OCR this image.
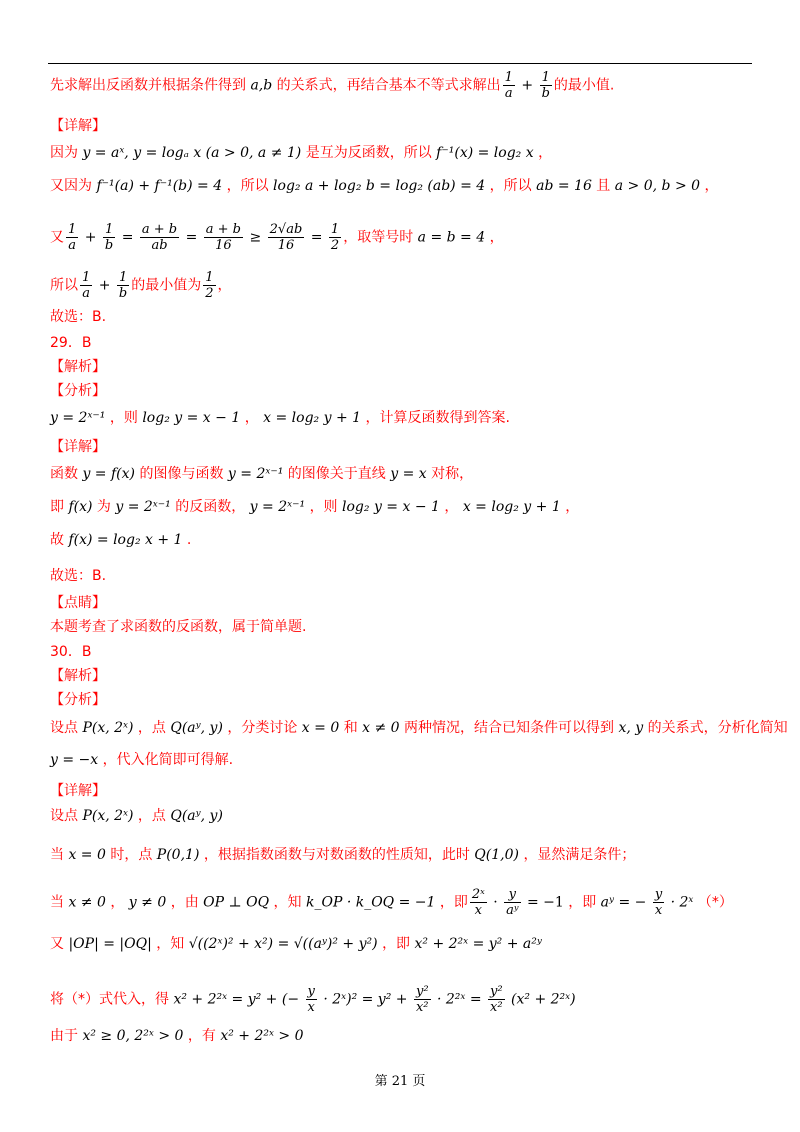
先求解出反函数并根据条件得到 a,b 的关系式，再结合基本不等式求解出 $\frac{1}{a} + \frac{1}{b}$ 的最小值.
【详解】
因为 y = aˣ, y = logₐ x (a > 0, a ≠ 1) 是互为反函数，所以 f⁻¹(x) = log₂ x ，
又因为 f⁻¹(a) + f⁻¹(b) = 4 ，所以 log₂ a + log₂ b = log₂ (ab) = 4 ，所以 ab = 16 且 a > 0, b > 0 ，
又 $\frac{1}{a} + \frac{1}{b} = \frac{a + b}{ab} = \frac{a + b}{16} \ge \frac{2√ab}{16} = \frac{1}{2}$ ，取等号时 a = b = 4 ，
所以 $\frac{1}{a} + \frac{1}{b}$ 的最小值为 $\frac{1}{2}$ ，
故选：B.
29．B
【解析】
【分析】
y = 2ˣ⁻¹ ，则 log₂ y = x − 1 ， x = log₂ y + 1 ，计算反函数得到答案.
【详解】
函数 y = f(x) 的图像与函数 y = 2ˣ⁻¹ 的图像关于直线 y = x 对称，
即 f(x) 为 y = 2ˣ⁻¹ 的反函数， y = 2ˣ⁻¹ ，则 log₂ y = x − 1 ， x = log₂ y + 1 ，
故 f(x) = log₂ x + 1 .
故选：B.
【点睛】
本题考查了求函数的反函数，属于简单题.
30．B
【解析】
【分析】
设点 P(x, 2ˣ) ，点 Q(aʸ, y) ，分类讨论 x = 0 和 x ≠ 0 两种情况，结合已知条件可以得到 x, y 的关系式，分析化简知
y = −x ，代入化简即可得解.
【详解】
设点 P(x, 2ˣ) ，点 Q(aʸ, y)
当 x = 0 时，点 P(0,1) ，根据指数函数与对数函数的性质知，此时 Q(1,0) ，显然满足条件；
当 x ≠ 0 ， y ≠ 0 ，由 OP ⊥ OQ ，知 k_OP · k_OQ = −1 ，即 $\frac{\text{2ˣ}}{x} \cdot \frac{y}{\text{aʸ}} = -1$ ，即 aʸ = − $\frac{y}{x}$ · 2ˣ （*）
又 |OP| = |OQ| ，知 √((2ˣ)² + x²) = √((aʸ)² + y²) ，即 x² + 2²ˣ = y² + a²ʸ
将（*）式代入，得 x² + 2²ˣ = y² + (− $\frac{y}{x}$ · 2ˣ)² = $y^2 + \frac{\text{y²}}{\text{x²}}$ · 2²ˣ = $\frac{\text{y²}}{\text{x²}} (x^2$ + 2²ˣ)
由于 x² ≥ 0, 2²ˣ > 0 ，有 x² + 2²ˣ > 0
第 21 页
